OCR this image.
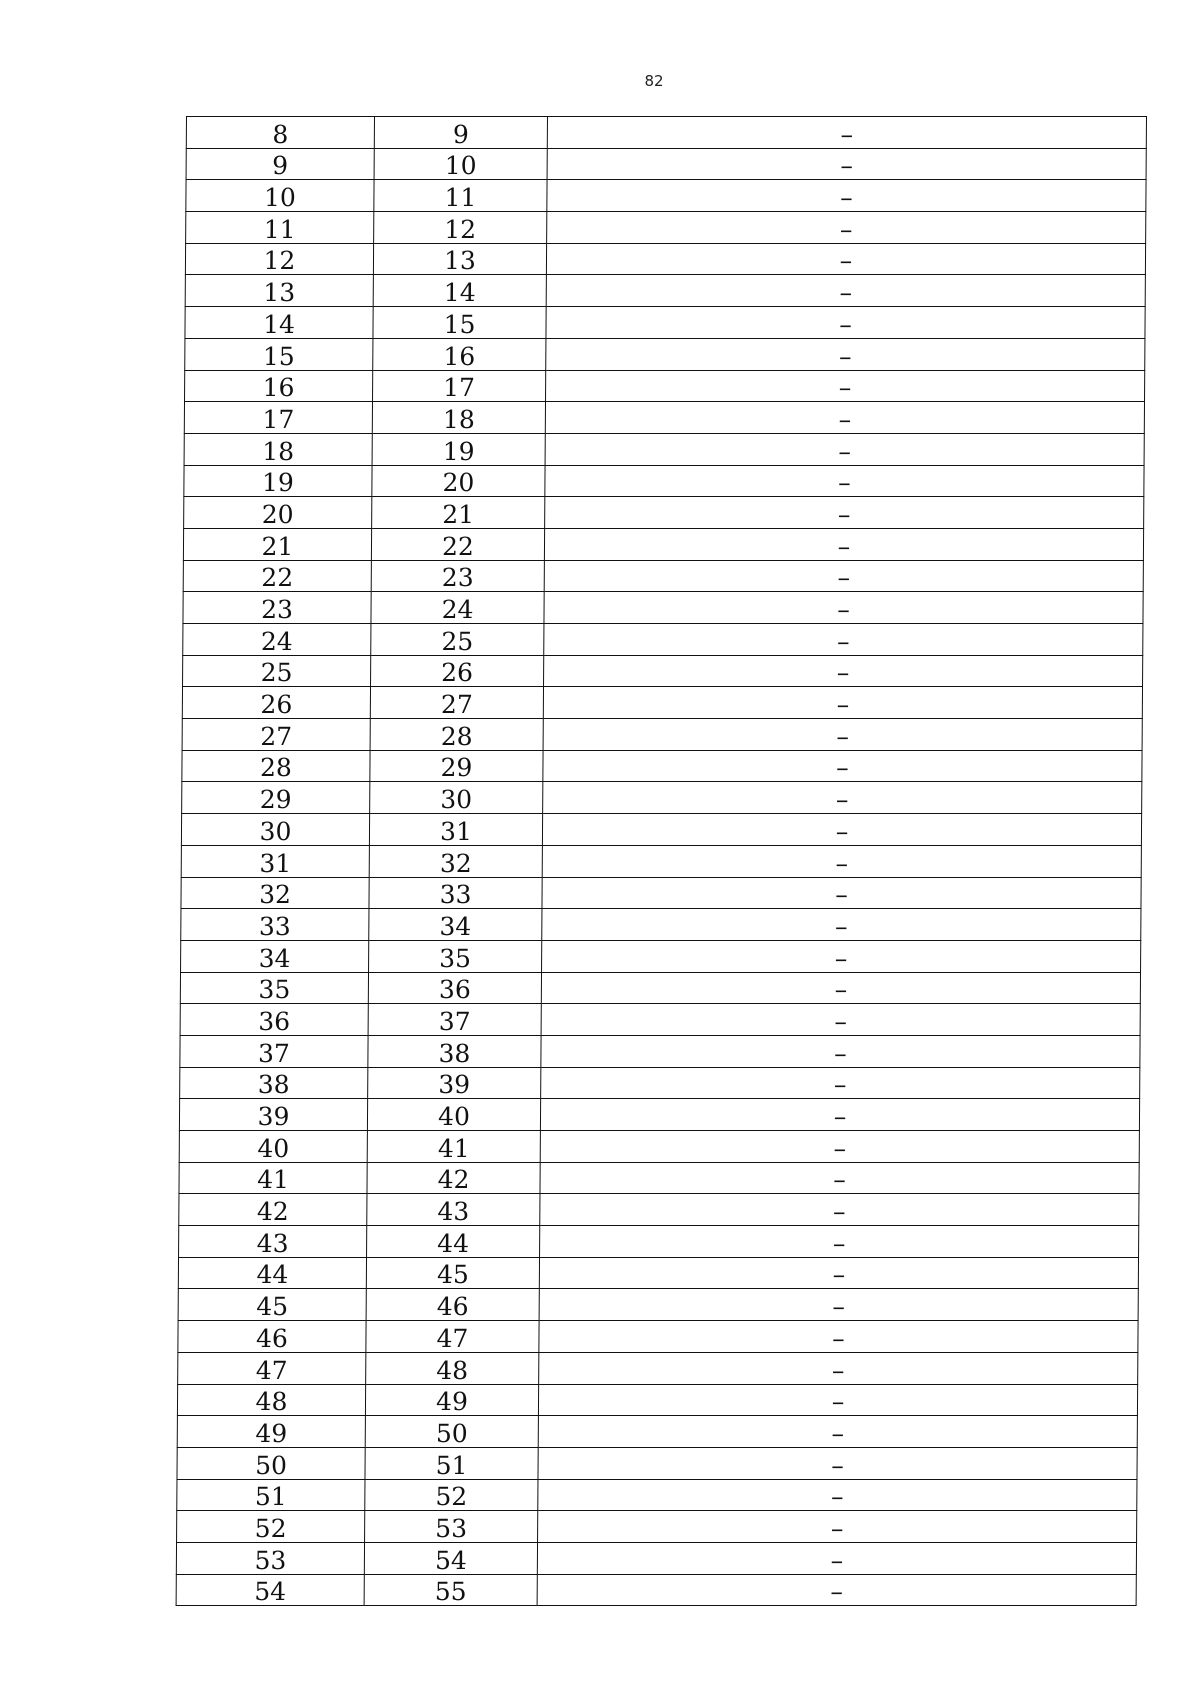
82
8	9	–
9	10	–
10	11	–
11	12	–
12	13	–
13	14	–
14	15	–
15	16	–
16	17	–
17	18	–
18	19	–
19	20	–
20	21	–
21	22	–
22	23	–
23	24	–
24	25	–
25	26	–
26	27	–
27	28	–
28	29	–
29	30	–
30	31	–
31	32	–
32	33	–
33	34	–
34	35	–
35	36	–
36	37	–
37	38	–
38	39	–
39	40	–
40	41	–
41	42	–
42	43	–
43	44	–
44	45	–
45	46	–
46	47	–
47	48	–
48	49	–
49	50	–
50	51	–
51	52	–
52	53	–
53	54	–
54	55	–
